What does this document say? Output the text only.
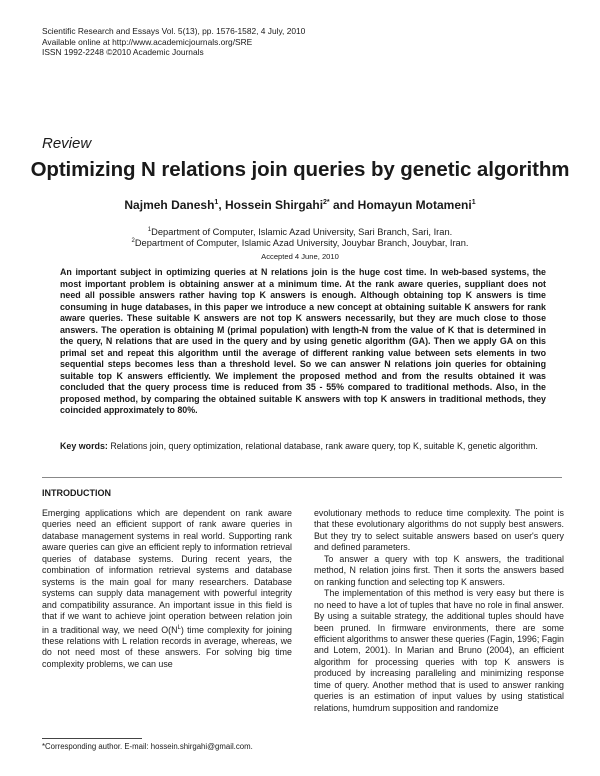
Scientific Research and Essays Vol. 5(13), pp. 1576-1582, 4 July, 2010
Available online at http://www.academicjournals.org/SRE
ISSN 1992-2248 ©2010 Academic Journals
Review
Optimizing N relations join queries by genetic algorithm
Najmeh Danesh$^1$, Hossein Shirgahi$^{2*}$ and Homayun Motameni$^1$
$^1$Department of Computer, Islamic Azad University, Sari Branch, Sari, Iran.
$^2$Department of Computer, Islamic Azad University, Jouybar Branch, Jouybar, Iran.
Accepted 4 June, 2010
An important subject in optimizing queries at N relations join is the huge cost time. In web-based systems, the most important problem is obtaining answer at a minimum time. At the rank aware queries, suppliant does not need all possible answers rather having top K answers is enough. Although obtaining top K answers is time consuming in huge databases, in this paper we introduce a new concept at obtaining suitable K answers for rank aware queries. These suitable K answers are not top K answers necessarily, but they are much close to those answers. The operation is obtaining M (primal population) with length-N from the value of K that is determined in the query, N relations that are used in the query and by using genetic algorithm (GA). Then we apply GA on this primal set and repeat this algorithm until the average of different ranking value between sets elements in two sequential steps becomes less than a threshold level. So we can answer N relations join queries for obtaining suitable top K answers efficiently. We implement the proposed method and from the results obtained it was concluded that the query process time is reduced from 35 - 55% compared to traditional methods. Also, in the proposed method, by comparing the obtained suitable K answers with top K answers in traditional methods, they coincided approximately to 80%.
Key words: Relations join, query optimization, relational database, rank aware query, top K, suitable K, genetic algorithm.
INTRODUCTION

Emerging applications which are dependent on rank aware queries need an efficient support of rank aware queries in database management systems in real world. Supporting rank aware queries can give an efficient reply to information retrieval queries of database systems. During recent years, the combination of information retrieval systems and database systems is the main goal for many researchers. Database systems can supply data management with powerful integrity and compatibility assurance. An important issue in this field is that if we want to achieve joint operation between relation join in a traditional way, we need $O(N^L)$ time complexity for joining these relations with L relation records in average, whereas, we do not need most of these answers. For solving big time complexity problems, we can use

evolutionary methods to reduce time complexity. The point is that these evolutionary algorithms do not supply best answers. But they try to select suitable answers based on user's query and defined parameters.

To answer a query with top K answers, the traditional method, N relation joins first. Then it sorts the answers based on ranking function and selecting top K answers.

The implementation of this method is very easy but there is no need to have a lot of tuples that have no role in final answer. By using a suitable strategy, the additional tuples should have been pruned. In firmware environments, there are some efficient algorithms to answer these queries (Fagin, 1996; Fagin and Lotem, 2001). In Marian and Bruno (2004), an efficient algorithm for processing queries with top K answers is produced by increasing paralleling and minimizing response time of query. Another method that is used to answer ranking queries is an estimation of input values by using statistical relations, humdrum supposition and randomize

*Corresponding author. E-mail: hossein.shirgahi@gmail.com.
